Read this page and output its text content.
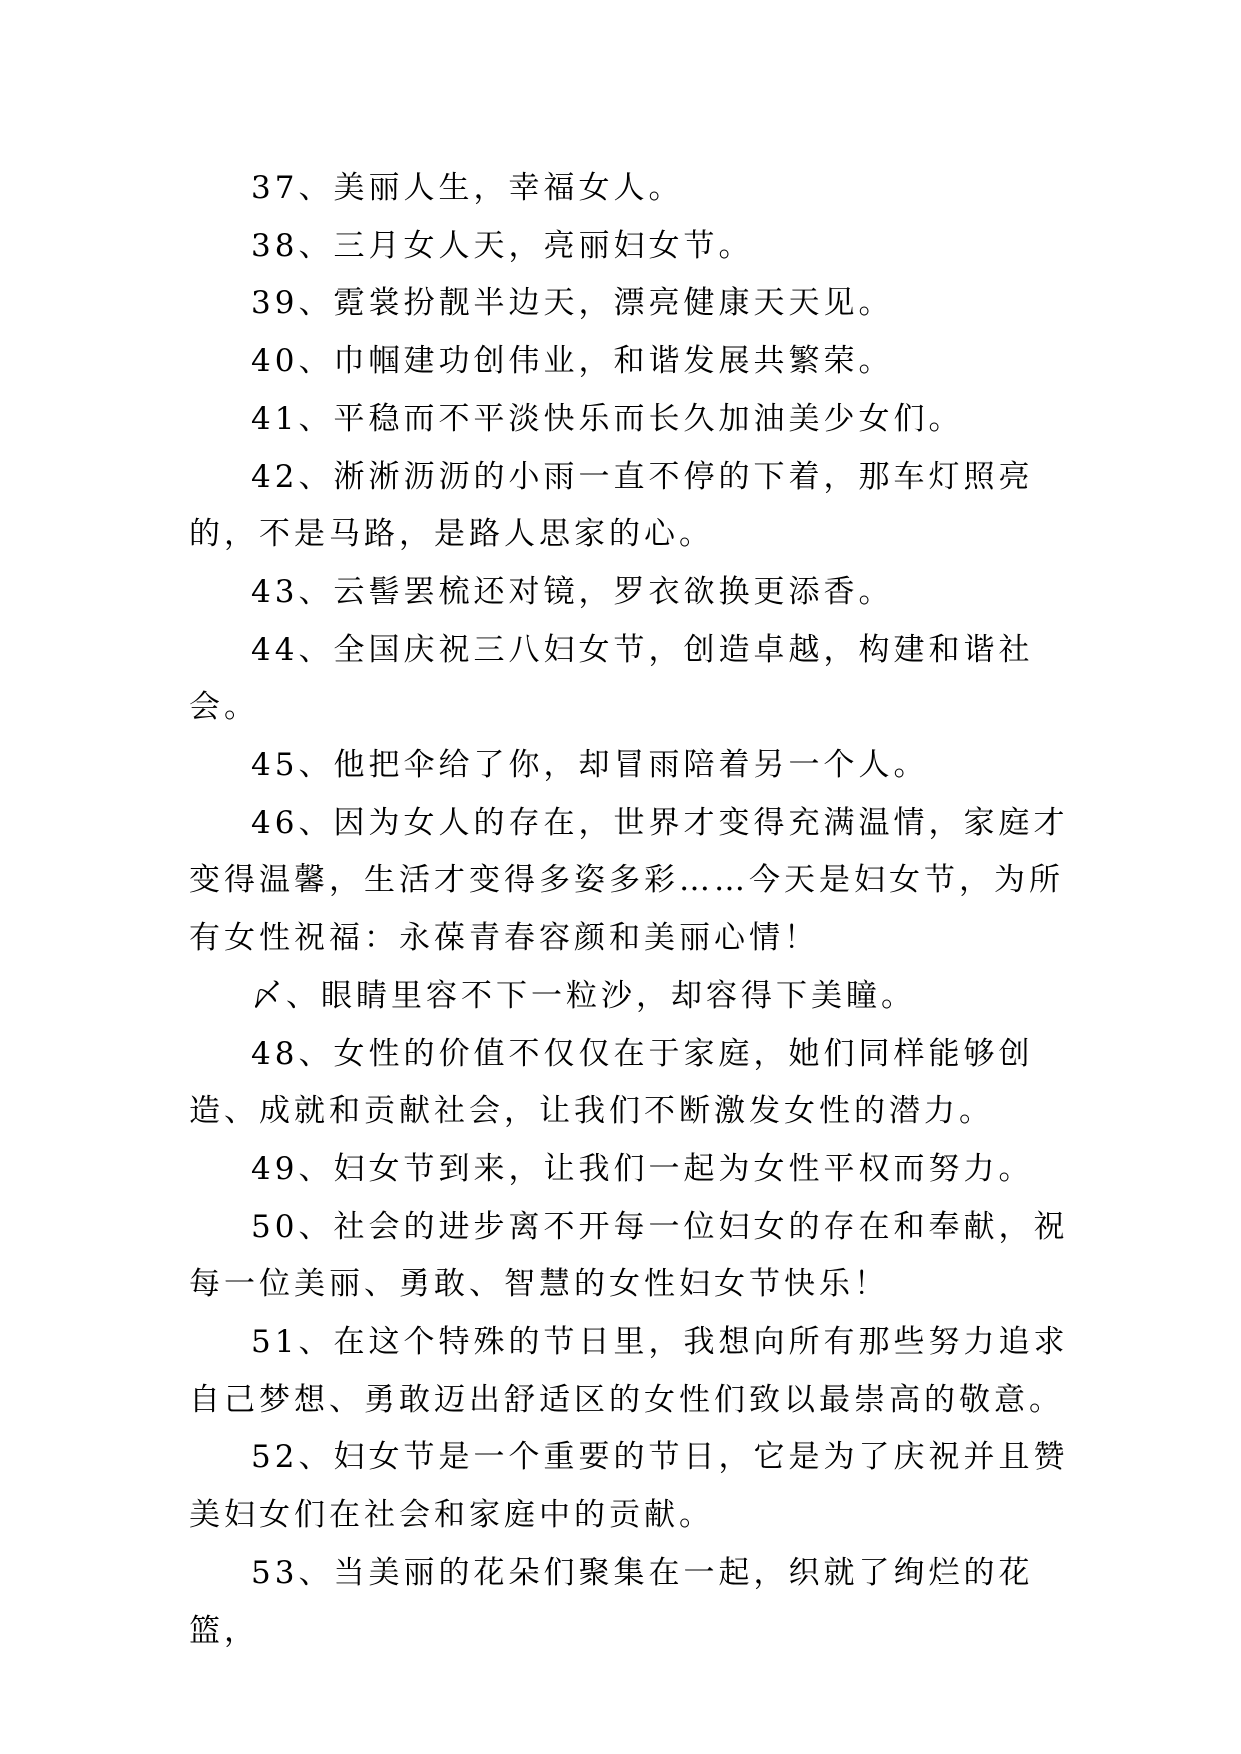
37、美丽人生，幸福女人。

38、三月女人天，亮丽妇女节。

39、霓裳扮靓半边天，漂亮健康天天见。

40、巾帼建功创伟业，和谐发展共繁荣。

41、平稳而不平淡快乐而长久加油美少女们。

42、淅淅沥沥的小雨一直不停的下着，那车灯照亮的，不是马路，是路人思家的心。

43、云髻罢梳还对镜，罗衣欲换更添香。

44、全国庆祝三八妇女节，创造卓越，构建和谐社会。

45、他把伞给了你，却冒雨陪着另一个人。

46、因为女人的存在，世界才变得充满温情，家庭才变得温馨，生活才变得多姿多彩……今天是妇女节，为所有女性祝福：永葆青春容颜和美丽心情！

〆、眼睛里容不下一粒沙，却容得下美瞳。

48、女性的价值不仅仅在于家庭，她们同样能够创造、成就和贡献社会，让我们不断激发女性的潜力。

49、妇女节到来，让我们一起为女性平权而努力。

50、社会的进步离不开每一位妇女的存在和奉献，祝每一位美丽、勇敢、智慧的女性妇女节快乐！

51、在这个特殊的节日里，我想向所有那些努力追求自己梦想、勇敢迈出舒适区的女性们致以最崇高的敬意。

52、妇女节是一个重要的节日，它是为了庆祝并且赞美妇女们在社会和家庭中的贡献。

53、当美丽的花朵们聚集在一起，织就了绚烂的花篮，
